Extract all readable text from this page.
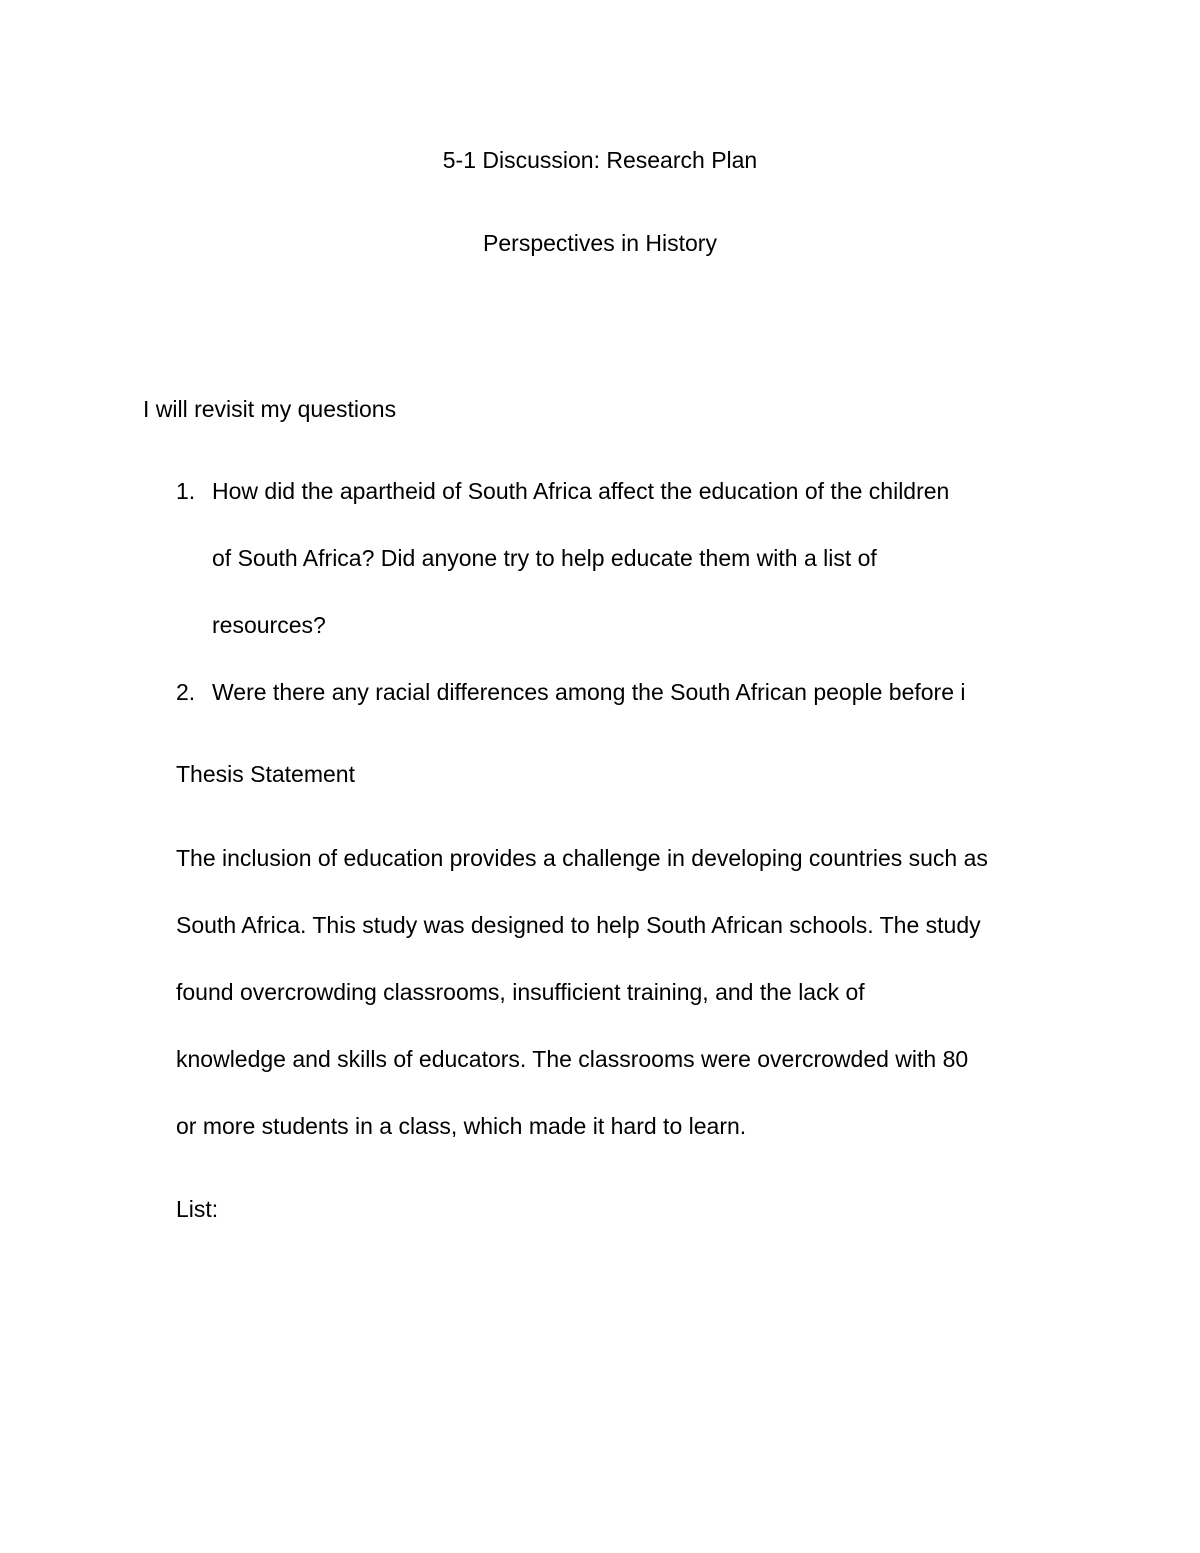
5-1 Discussion: Research Plan

Perspectives in History

I will revisit my questions

1. How did the apartheid of South Africa affect the education of the children

of South Africa? Did anyone try to help educate them with a list of

resources?

2. Were there any racial differences among the South African people before i

Thesis Statement

The inclusion of education provides a challenge in developing countries such as

South Africa. This study was designed to help South African schools. The study

found overcrowding classrooms, insufficient training, and the lack of

knowledge and skills of educators. The classrooms were overcrowded with 80

or more students in a class, which made it hard to learn.

List:
